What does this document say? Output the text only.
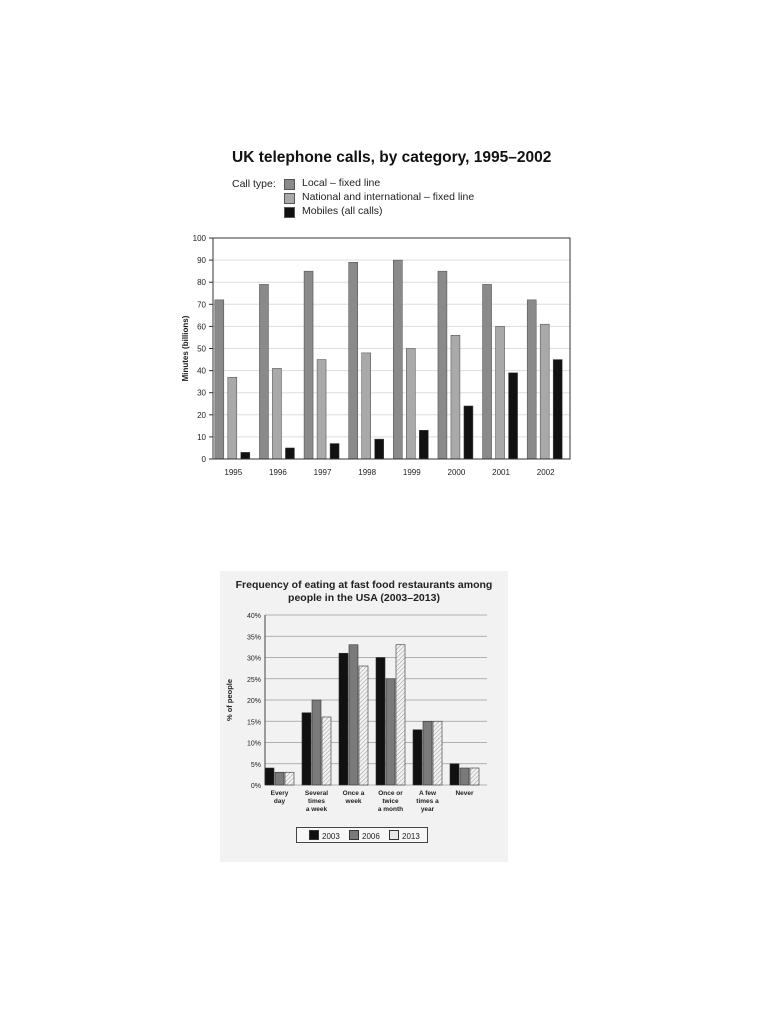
UK telephone calls, by category, 1995–2002
Call type: Local – fixed line
National and international – fixed line
Mobiles (all calls)
0
10
20
30
40
50
60
70
80
90
100
1995	1996	1997	1998	1999	2000	2001	2002
Minutes (billions)
Frequency of eating at fast food restaurants among
people in the USA (2003–2013)
0%
5%
10%
15%
20%
25%
30%
35%
40%
Every
day
Several
times
a week
Once a
week
Once or
twice
a month
A few
times a
year
Never
% of people
2003	2006	2013
